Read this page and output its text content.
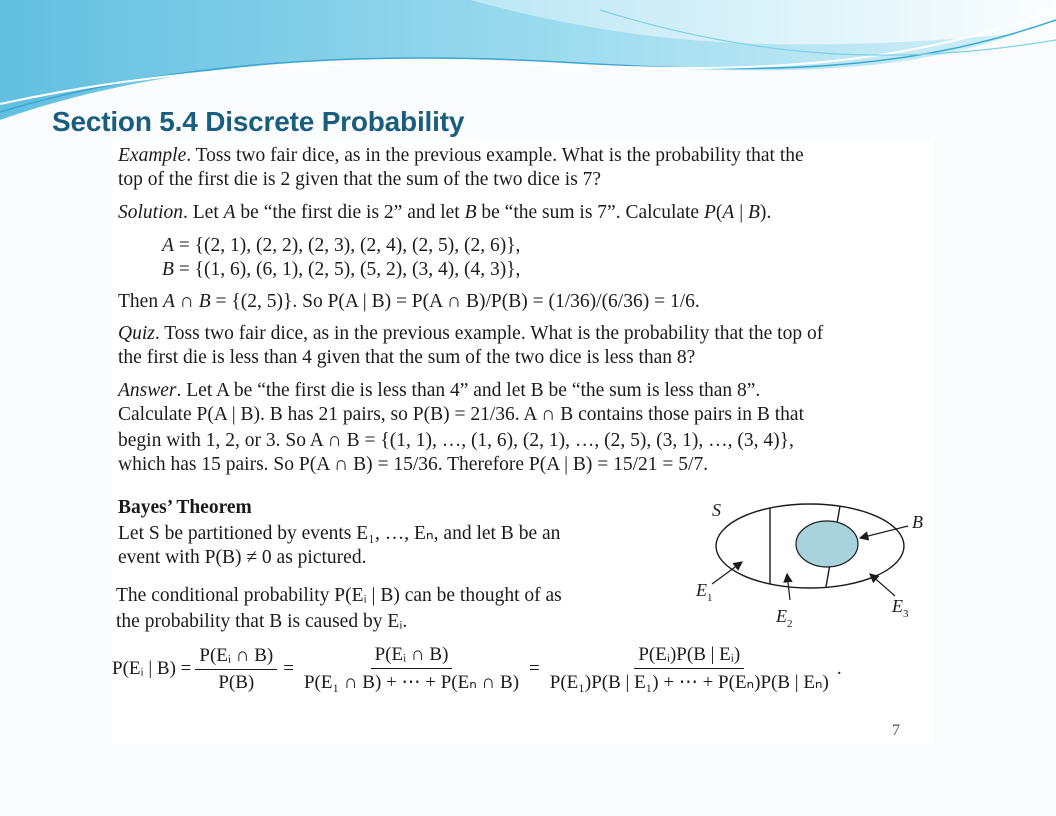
Section 5.4 Discrete Probability
Example. Toss two fair dice, as in the previous example. What is the probability that the
top of the first die is 2 given that the sum of the two dice is 7?
Solution. Let A be “the first die is 2” and let B be “the sum is 7”. Calculate P(A | B).
A = {(2, 1), (2, 2), (2, 3), (2, 4), (2, 5), (2, 6)},
B = {(1, 6), (6, 1), (2, 5), (5, 2), (3, 4), (4, 3)},
Then A ∩ B = {(2, 5)}. So P(A | B) = P(A ∩ B)/P(B) = (1/36)/(6/36) = 1/6.
Quiz. Toss two fair dice, as in the previous example. What is the probability that the top of
the first die is less than 4 given that the sum of the two dice is less than 8?
Answer. Let A be “the first die is less than 4” and let B be “the sum is less than 8”.
Calculate P(A | B). B has 21 pairs, so P(B) = 21/36. A ∩ B contains those pairs in B that
begin with 1, 2, or 3. So A ∩ B = {(1, 1), …, (1, 6), (2, 1), …, (2, 5), (3, 1), …, (3, 4)},
which has 15 pairs. So P(A ∩ B) = 15/36. Therefore P(A | B) = 15/21 = 5/7.
Bayes’ Theorem
Let S be partitioned by events E₁, …, Eₙ, and let B be an
event with P(B) ≠ 0 as pictured.
The conditional probability P(Eᵢ | B) can be thought of as
the probability that B is caused by Eᵢ.
S
B
$E_1$
$E_2$
$E_3$
P(Eᵢ | $B) = \frac{\text{P(Eᵢ ∩ B)}}{P(B)} = \frac{\text{P(Eᵢ ∩ B)}}{\text{P(E₁ ∩ B) + ⋯ + P(Eₙ ∩ B)}} = \frac{\text{P(Eᵢ)P(B | Eᵢ)}}{\text{P(E₁)P(B | E₁) + ⋯ + P(Eₙ)P(B | Eₙ)}}$ .
7
